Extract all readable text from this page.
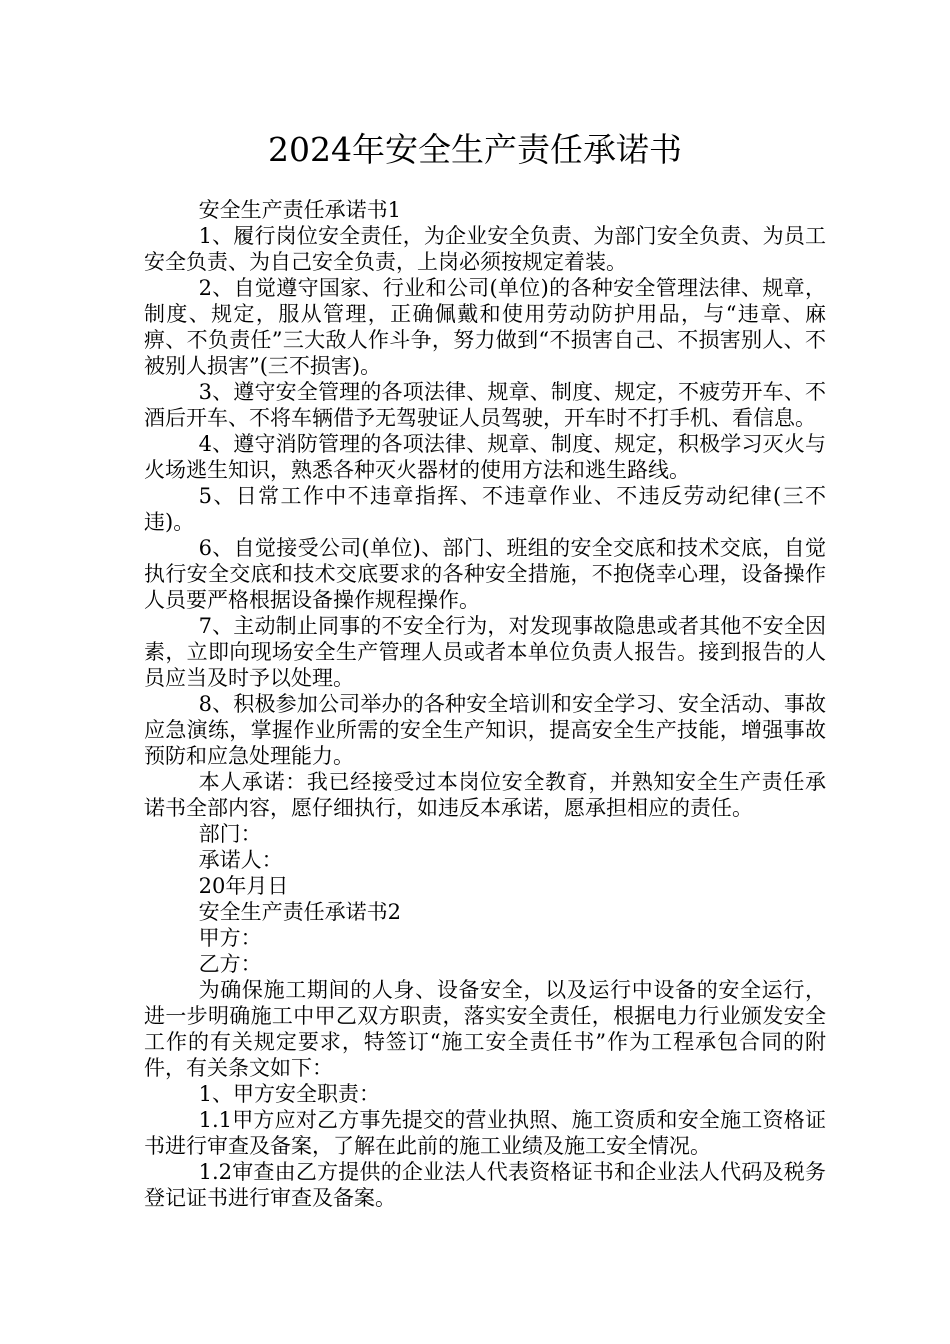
2024年安全生产责任承诺书

安全生产责任承诺书1

1、履行岗位安全责任，为企业安全负责、为部门安全负责、为员工安全负责、为自己安全负责，上岗必须按规定着装。

2、自觉遵守国家、行业和公司(单位)的各种安全管理法律、规章，制度、规定，服从管理，正确佩戴和使用劳动防护用品，与“违章、麻痹、不负责任”三大敌人作斗争，努力做到“不损害自己、不损害别人、不被别人损害”(三不损害)。

3、遵守安全管理的各项法律、规章、制度、规定，不疲劳开车、不酒后开车、不将车辆借予无驾驶证人员驾驶，开车时不打手机、看信息。

4、遵守消防管理的各项法律、规章、制度、规定，积极学习灭火与火场逃生知识，熟悉各种灭火器材的使用方法和逃生路线。

5、日常工作中不违章指挥、不违章作业、不违反劳动纪律(三不违)。

6、自觉接受公司(单位)、部门、班组的安全交底和技术交底，自觉执行安全交底和技术交底要求的各种安全措施，不抱侥幸心理，设备操作人员要严格根据设备操作规程操作。

7、主动制止同事的不安全行为，对发现事故隐患或者其他不安全因素，立即向现场安全生产管理人员或者本单位负责人报告。接到报告的人员应当及时予以处理。

8、积极参加公司举办的各种安全培训和安全学习、安全活动、事故应急演练，掌握作业所需的安全生产知识，提高安全生产技能，增强事故预防和应急处理能力。

本人承诺：我已经接受过本岗位安全教育，并熟知安全生产责任承诺书全部内容，愿仔细执行，如违反本承诺，愿承担相应的责任。

部门：

承诺人：

20年月日

安全生产责任承诺书2

甲方：

乙方：

为确保施工期间的人身、设备安全，以及运行中设备的安全运行，进一步明确施工中甲乙双方职责，落实安全责任，根据电力行业颁发安全工作的有关规定要求，特签订“施工安全责任书”作为工程承包合同的附件，有关条文如下：

1、甲方安全职责：

1.1甲方应对乙方事先提交的营业执照、施工资质和安全施工资格证书进行审查及备案，了解在此前的施工业绩及施工安全情况。

1.2审查由乙方提供的企业法人代表资格证书和企业法人代码及税务登记证书进行审查及备案。
